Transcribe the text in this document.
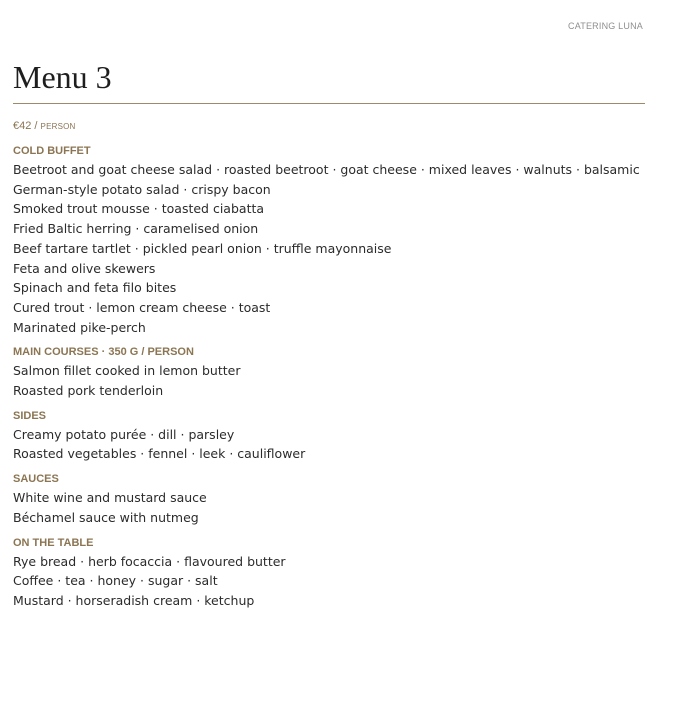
CATERING LUNA
Menu 3
€42 / PERSON
COLD BUFFET
Beetroot and goat cheese salad · roasted beetroot · goat cheese · mixed leaves · walnuts · balsamic
German-style potato salad · crispy bacon
Smoked trout mousse · toasted ciabatta
Fried Baltic herring · caramelised onion
Beef tartare tartlet · pickled pearl onion · truffle mayonnaise
Feta and olive skewers
Spinach and feta filo bites
Cured trout · lemon cream cheese · toast
Marinated pike-perch
MAIN COURSES · 350 G / PERSON
Salmon fillet cooked in lemon butter
Roasted pork tenderloin
SIDES
Creamy potato purée · dill · parsley
Roasted vegetables · fennel · leek · cauliflower
SAUCES
White wine and mustard sauce
Béchamel sauce with nutmeg
ON THE TABLE
Rye bread · herb focaccia · flavoured butter
Coffee · tea · honey · sugar · salt
Mustard · horseradish cream · ketchup
